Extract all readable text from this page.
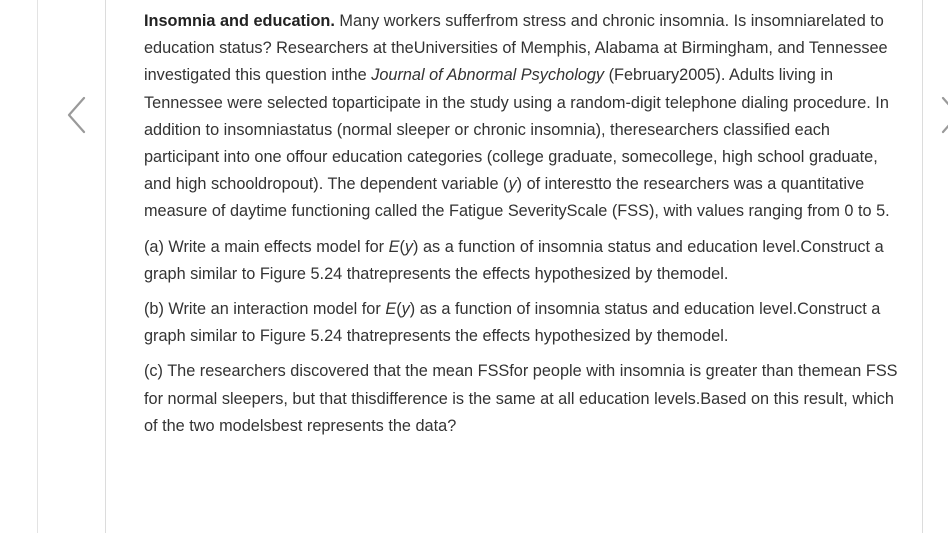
Insomnia and education. Many workers sufferfrom stress and chronic insomnia. Is insomniarelated to education status? Researchers at theUniversities of Memphis, Alabama at Birmingham, and Tennessee investigated this question inthe Journal of Abnormal Psychology (February2005). Adults living in Tennessee were selected toparticipate in the study using a random-digit telephone dialing procedure. In addition to insomniastatus (normal sleeper or chronic insomnia), theresearchers classified each participant into one offour education categories (college graduate, somecollege, high school graduate, and high schooldropout). The dependent variable (y) of interestto the researchers was a quantitative measure of daytime functioning called the Fatigue SeverityScale (FSS), with values ranging from 0 to 5.

(a) Write a main effects model for E(y) as a function of insomnia status and education level.Construct a graph similar to Figure 5.24 thatrepresents the effects hypothesized by themodel.

(b) Write an interaction model for E(y) as a function of insomnia status and education level.Construct a graph similar to Figure 5.24 thatrepresents the effects hypothesized by themodel.

(c) The researchers discovered that the mean FSSfor people with insomnia is greater than themean FSS for normal sleepers, but that thisdifference is the same at all education levels.Based on this result, which of the two modelsbest represents the data?
